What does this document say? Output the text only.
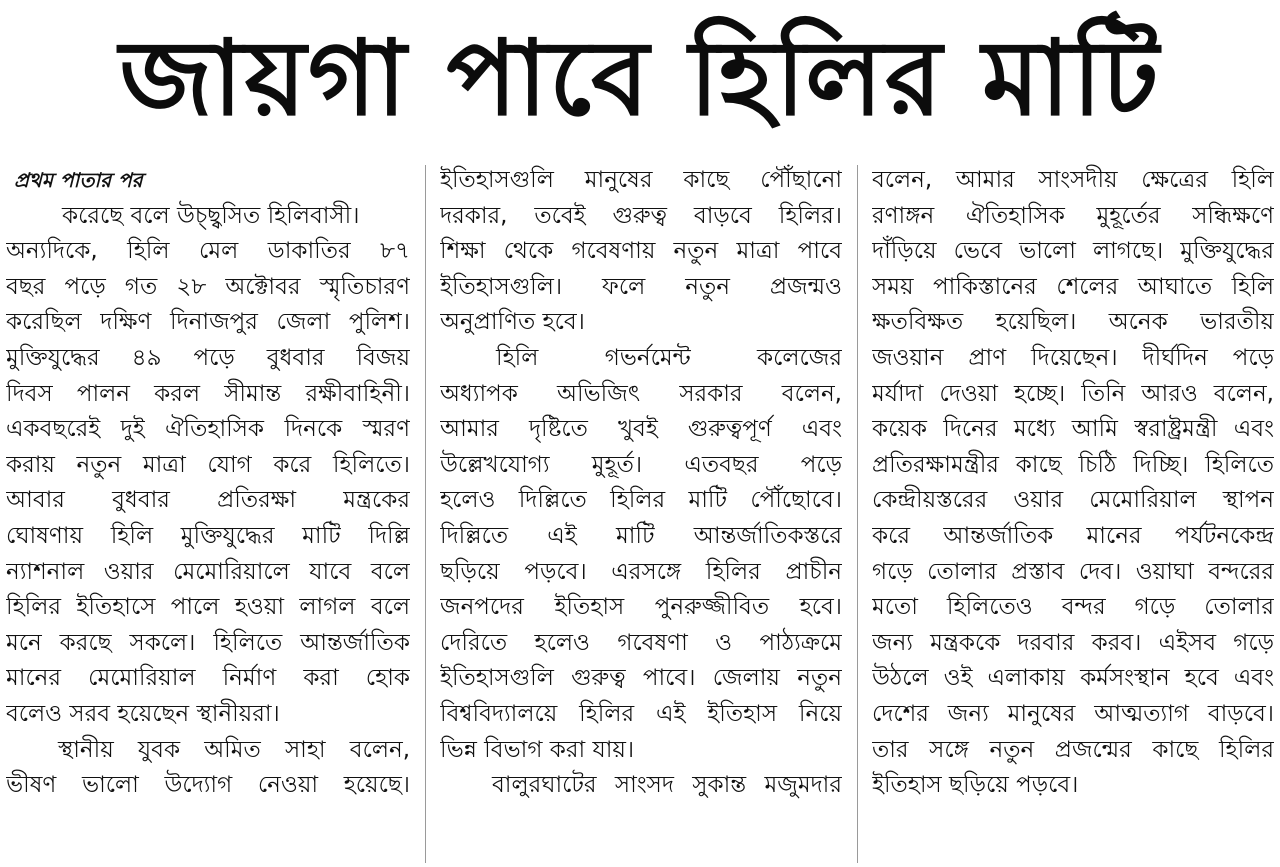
জায়গা পাবে হিলির মাটি
প্রথম পাতার পর
করেছে বলে উচ্ছ্বসিত হিলিবাসী।
অন্যদিকে, হিলি মেল ডাকাতির ৮৭
বছর পড়ে গত ২৮ অক্টোবর স্মৃতিচারণ
করেছিল দক্ষিণ দিনাজপুর জেলা পুলিশ।
মুক্তিযুদ্ধের ৪৯ পড়ে বুধবার বিজয়
দিবস পালন করল সীমান্ত রক্ষীবাহিনী।
একবছরেই দুই ঐতিহাসিক দিনকে স্মরণ
করায় নতুন মাত্রা যোগ করে হিলিতে।
আবার বুধবার প্রতিরক্ষা মন্ত্রকের
ঘোষণায় হিলি মুক্তিযুদ্ধের মাটি দিল্লি
ন্যাশনাল ওয়ার মেমোরিয়ালে যাবে বলে
হিলির ইতিহাসে পালে হওয়া লাগল বলে
মনে করছে সকলে। হিলিতে আন্তর্জাতিক
মানের মেমোরিয়াল নির্মাণ করা হোক
বলেও সরব হয়েছেন স্থানীয়রা।
স্থানীয় যুবক অমিত সাহা বলেন,
ভীষণ ভালো উদ্যোগ নেওয়া হয়েছে।
ইতিহাসগুলি মানুষের কাছে পৌঁছানো
দরকার, তবেই গুরুত্ব বাড়বে হিলির।
শিক্ষা থেকে গবেষণায় নতুন মাত্রা পাবে
ইতিহাসগুলি। ফলে নতুন প্রজন্মও
অনুপ্রাণিত হবে।
হিলি গভর্নমেন্ট কলেজের
অধ্যাপক অভিজিৎ সরকার বলেন,
আমার দৃষ্টিতে খুবই গুরুত্বপূর্ণ এবং
উল্লেখযোগ্য মুহূর্ত। এতবছর পড়ে
হলেও দিল্লিতে হিলির মাটি পৌঁছোবে।
দিল্লিতে এই মাটি আন্তর্জাতিকস্তরে
ছড়িয়ে পড়বে। এরসঙ্গে হিলির প্রাচীন
জনপদের ইতিহাস পুনরুজ্জীবিত হবে।
দেরিতে হলেও গবেষণা ও পাঠ্যক্রমে
ইতিহাসগুলি গুরুত্ব পাবে। জেলায় নতুন
বিশ্ববিদ্যালয়ে হিলির এই ইতিহাস নিয়ে
ভিন্ন বিভাগ করা যায়।
বালুরঘাটের সাংসদ সুকান্ত মজুমদার
বলেন, আমার সাংসদীয় ক্ষেত্রের হিলি
রণাঙ্গন ঐতিহাসিক মুহূর্তের সন্ধিক্ষণে
দাঁড়িয়ে ভেবে ভালো লাগছে। মুক্তিযুদ্ধের
সময় পাকিস্তানের শেলের আঘাতে হিলি
ক্ষতবিক্ষত হয়েছিল। অনেক ভারতীয়
জওয়ান প্রাণ দিয়েছেন। দীর্ঘদিন পড়ে
মর্যাদা দেওয়া হচ্ছে। তিনি আরও বলেন,
কয়েক দিনের মধ্যে আমি স্বরাষ্ট্রমন্ত্রী এবং
প্রতিরক্ষামন্ত্রীর কাছে চিঠি দিচ্ছি। হিলিতে
কেন্দ্রীয়স্তরের ওয়ার মেমোরিয়াল স্থাপন
করে আন্তর্জাতিক মানের পর্যটনকেন্দ্র
গড়ে তোলার প্রস্তাব দেব। ওয়াঘা বন্দরের
মতো হিলিতেও বন্দর গড়ে তোলার
জন্য মন্ত্রককে দরবার করব। এইসব গড়ে
উঠলে ওই এলাকায় কর্মসংস্থান হবে এবং
দেশের জন্য মানুষের আত্মত্যাগ বাড়বে।
তার সঙ্গে নতুন প্রজন্মের কাছে হিলির
ইতিহাস ছড়িয়ে পড়বে।
